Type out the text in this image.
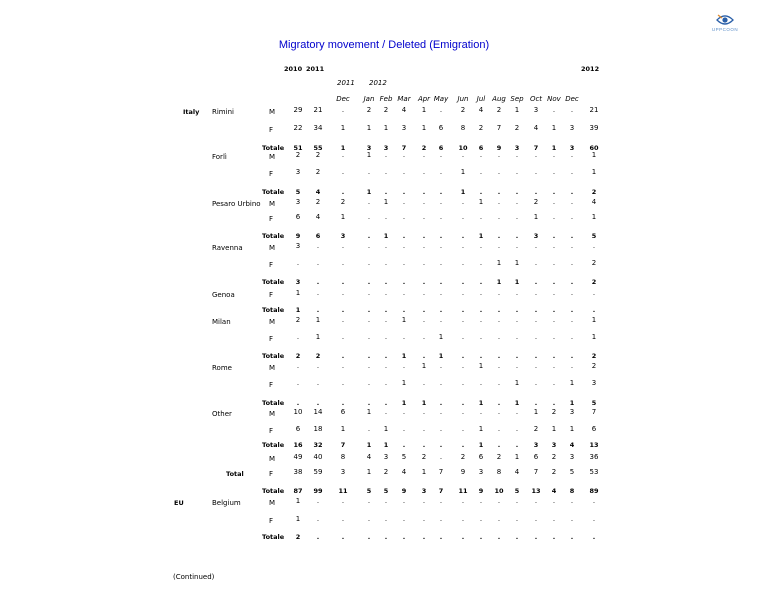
Migratory movement / Deleted (Emigration)
UPPCOON
2010 2011	2012
2011 2012
Dec	Jan Feb Mar	Apr May	Jun	Jul Aug Sep Oct Nov Dec
Italy Rimini	M	29	21	.	2	2	4	1	.	2	4	2	1	3	.	.	21
F	22	34	1	1	1	3	1	6	8	2	7	2	4	1	3	39
Totale	51	55	1	3	3	7	2	6	10	6	9	3	7	1	3	60
Forlì	M	2	2	.	1	.	.	.	.	.	.	.	.	.	.	.	1
F	3	2	.	.	.	.	.	.	1	.	.	.	.	.	.	1
Totale	5	4	.	1	.	.	.	.	1	.	.	.	.	.	.	2
Pesaro Urbino M	3	2	2	.	1	.	.	.	.	1	.	.	2	.	.	4
F	6	4	1	.	.	.	.	.	.	.	.	.	1	.	.	1
Totale	9	6	3	.	1	.	.	.	.	1	.	.	3	.	.	5
Ravenna	M	3	.	.	.	.	.	.	.	.	.	.	.	.	.	.	.
F	.	.	.	.	.	.	.	.	.	.	1	1	.	.	.	2
Totale	3	.	.	.	.	.	.	.	.	.	1	1	.	.	.	2
Genoa	F	1	.	.	.	.	.	.	.	.	.	.	.	.	.	.	.
Totale	1	.	.	.	.	.	.	.	.	.	.	.	.	.	.	.
Milan	M	2	1	.	.	.	1	.	.	.	.	.	.	.	.	.	1
F	.	1	.	.	.	.	.	1	.	.	.	.	.	.	.	1
Totale	2	2	.	.	.	1	.	1	.	.	.	.	.	.	.	2
Rome	M	.	.	.	.	.	.	1	.	.	1	.	.	.	.	.	2
F	.	.	.	.	.	1	.	.	.	.	.	1	.	.	1	3
Totale	.	.	.	.	.	1	1	.	.	1	.	1	.	.	1	5
Other	M	10	14	6	1	.	.	.	.	.	.	.	.	1	2	3	7
F	6	18	1	.	1	.	.	.	.	1	.	.	2	1	1	6
Totale	16	32	7	1	1	.	.	.	.	1	.	.	3	3	4	13
M	49	40	8	4	3	5	2	.	2	6	2	1	6	2	3	36
Total	F	38	59	3	1	2	4	1	7	9	3	8	4	7	2	5	53
Totale	87	99	11	5	5	9	3	7	11	9	10	5	13	4	8	89
EU	Belgium	M	1	.	.	.	.	.	.	.	.	.	.	.	.	.	.	.
F	1	.	.	.	.	.	.	.	.	.	.	.	.	.	.	.
Totale	2	.	.	.	.	.	.	.	.	.	.	.	.	.	.	.
(Continued)
